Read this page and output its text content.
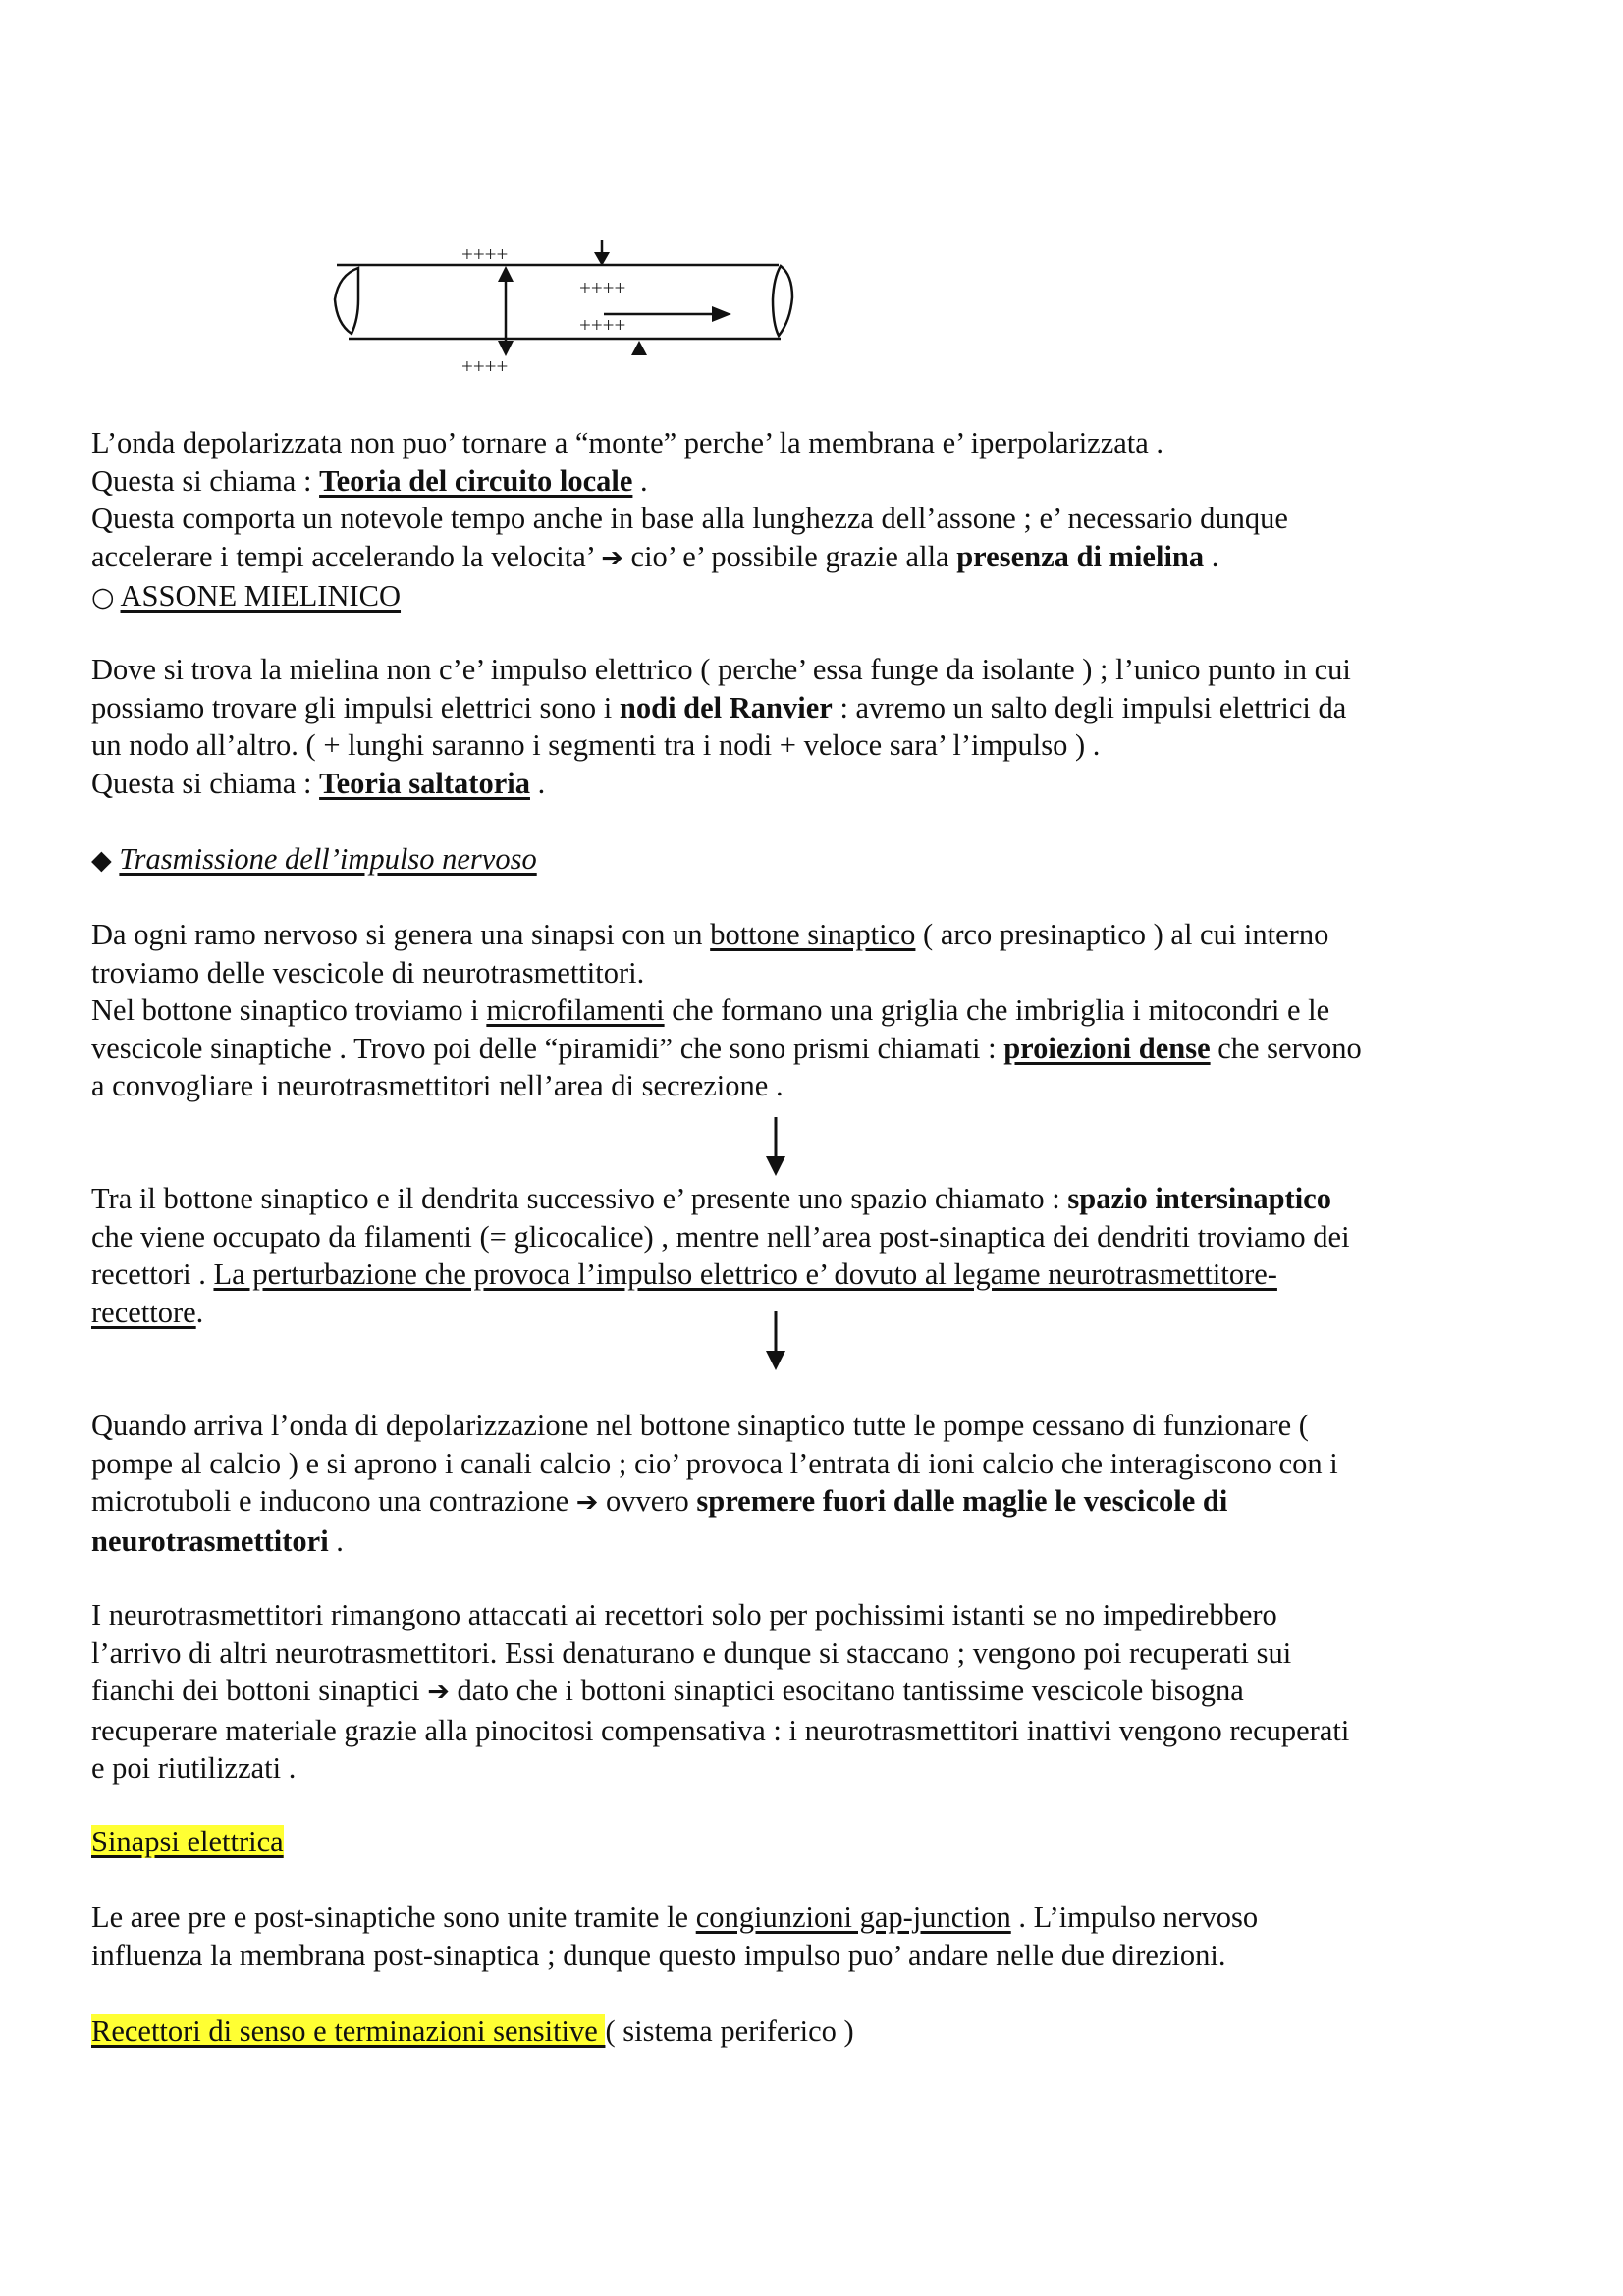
++++
++++
++++
++++
L’onda depolarizzata non puo’ tornare a “monte” perche’ la membrana e’ iperpolarizzata .
Questa si chiama : Teoria del circuito locale .
Questa comporta un notevole tempo anche in base alla lunghezza dell’assone ; e’ necessario dunque
accelerare i tempi accelerando la velocita’ ➔ cio’ e’ possibile grazie alla presenza di mielina .
○ ASSONE MIELINICO
Dove si trova la mielina non c’e’ impulso elettrico ( perche’ essa funge da isolante ) ; l’unico punto in cui
possiamo trovare gli impulsi elettrici sono i nodi del Ranvier : avremo un salto degli impulsi elettrici da
un nodo all’altro. ( + lunghi saranno i segmenti tra i nodi + veloce sara’ l’impulso ) .
Questa si chiama : Teoria saltatoria .
◆ Trasmissione dell’impulso nervoso
Da ogni ramo nervoso si genera una sinapsi con un bottone sinaptico ( arco presinaptico ) al cui interno
troviamo delle vescicole di neurotrasmettitori.
Nel bottone sinaptico troviamo i microfilamenti che formano una griglia che imbriglia i mitocondri e le
vescicole sinaptiche . Trovo poi delle “piramidi” che sono prismi chiamati : proiezioni dense che servono
a convogliare i neurotrasmettitori nell’area di secrezione .
Tra il bottone sinaptico e il dendrita successivo e’ presente uno spazio chiamato : spazio intersinaptico
che viene occupato da filamenti (= glicocalice) , mentre nell’area post-sinaptica dei dendriti troviamo dei
recettori . La perturbazione che provoca l’impulso elettrico e’ dovuto al legame neurotrasmettitore-
recettore.
Quando arriva l’onda di depolarizzazione nel bottone sinaptico tutte le pompe cessano di funzionare (
pompe al calcio ) e si aprono i canali calcio ; cio’ provoca l’entrata di ioni calcio che interagiscono con i
microtuboli e inducono una contrazione ➔ ovvero spremere fuori dalle maglie le vescicole di
neurotrasmettitori .
I neurotrasmettitori rimangono attaccati ai recettori solo per pochissimi istanti se no impedirebbero
l’arrivo di altri neurotrasmettitori. Essi denaturano e dunque si staccano ; vengono poi recuperati sui
fianchi dei bottoni sinaptici ➔ dato che i bottoni sinaptici esocitano tantissime vescicole bisogna
recuperare materiale grazie alla pinocitosi compensativa : i neurotrasmettitori inattivi vengono recuperati
e poi riutilizzati .
Sinapsi elettrica
Le aree pre e post-sinaptiche sono unite tramite le congiunzioni gap-junction . L’impulso nervoso
influenza la membrana post-sinaptica ; dunque questo impulso puo’ andare nelle due direzioni.
Recettori di senso e terminazioni sensitive ( sistema periferico )
